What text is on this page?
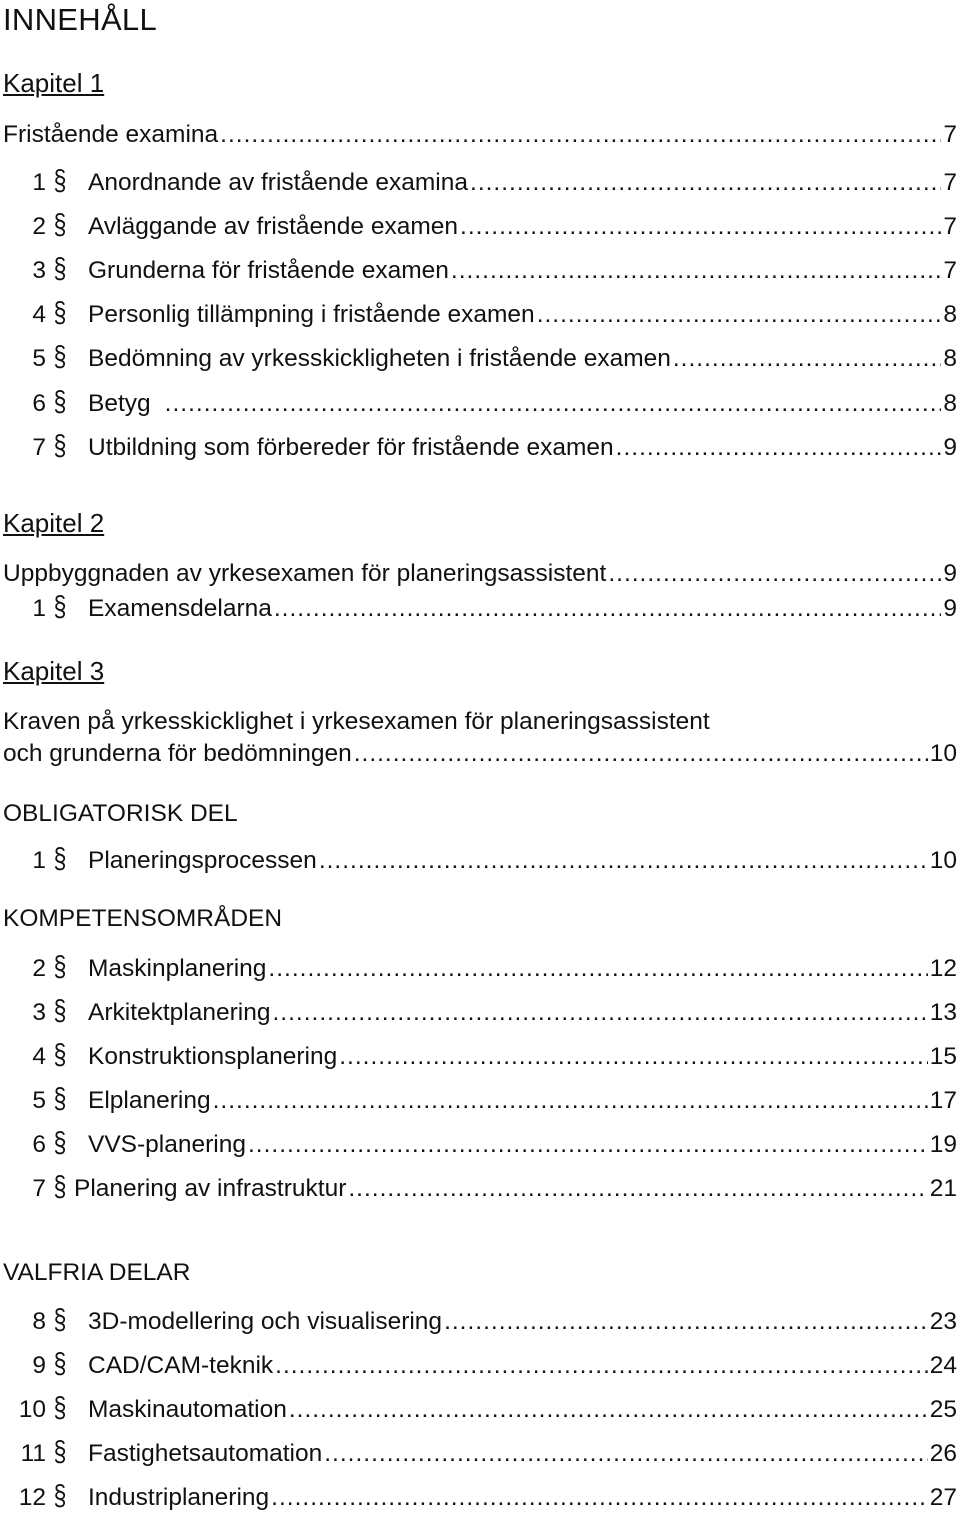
INNEHÅLL
Kapitel 1
Fristående examina .....	7
1 § Anordnande av fristående examina .....	7
2 § Avläggande av fristående examen .....	7
3 § Grunderna för fristående examen .....	7
4 § Personlig tillämpning i fristående examen .....	8
5 § Bedömning av yrkesskickligheten i fristående examen .....	8
6 § Betyg .....	8
7 § Utbildning som förbereder för fristående examen .....	9
Kapitel 2
Uppbyggnaden av yrkesexamen för planeringsassistent .....	9
1 § Examensdelarna .....	9
Kapitel 3
Kraven på yrkesskicklighet i yrkesexamen för planeringsassistent
och grunderna för bedömningen .....	10
OBLIGATORISK DEL
1 § Planeringsprocessen .....	10
KOMPETENSOMRÅDEN
2 § Maskinplanering .....	12
3 § Arkitektplanering .....	13
4 § Konstruktionsplanering .....	15
5 § Elplanering .....	17
6 § VVS-planering .....	19
7 § Planering av infrastruktur .....	21
VALFRIA DELAR
8 § 3D-modellering och visualisering .....	23
9 § CAD/CAM-teknik .....	24
10 § Maskinautomation .....	25
11 § Fastighetsautomation .....	26
12 § Industriplanering .....	27
